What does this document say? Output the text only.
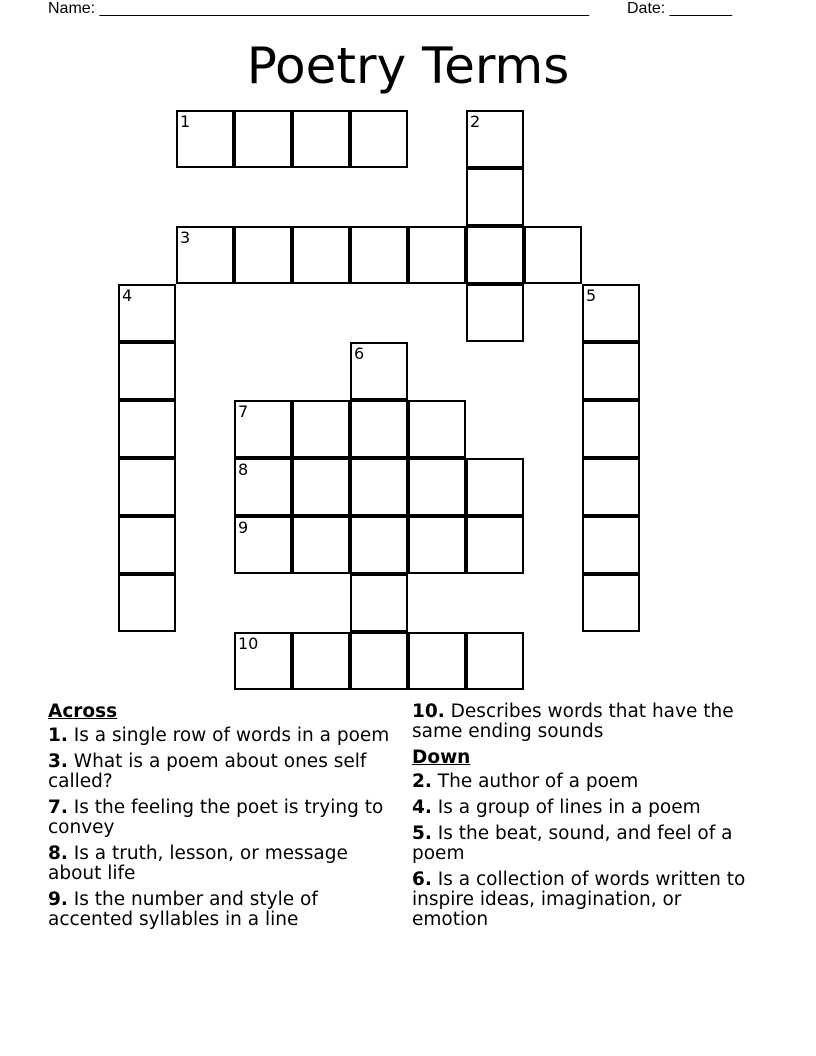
Name: _______________________________________________________ Date: _______
Poetry Terms
1	2
3
4	5
6
7
8
9
10
Across
1. Is a single row of words in a poem
3. What is a poem about ones self called?
7. Is the feeling the poet is trying to convey
8. Is a truth, lesson, or message about life
9. Is the number and style of accented syllables in a line
10. Describes words that have the same ending sounds
Down
2. The author of a poem
4. Is a group of lines in a poem
5. Is the beat, sound, and feel of a poem
6. Is a collection of words written to inspire ideas, imagination, or emotion
